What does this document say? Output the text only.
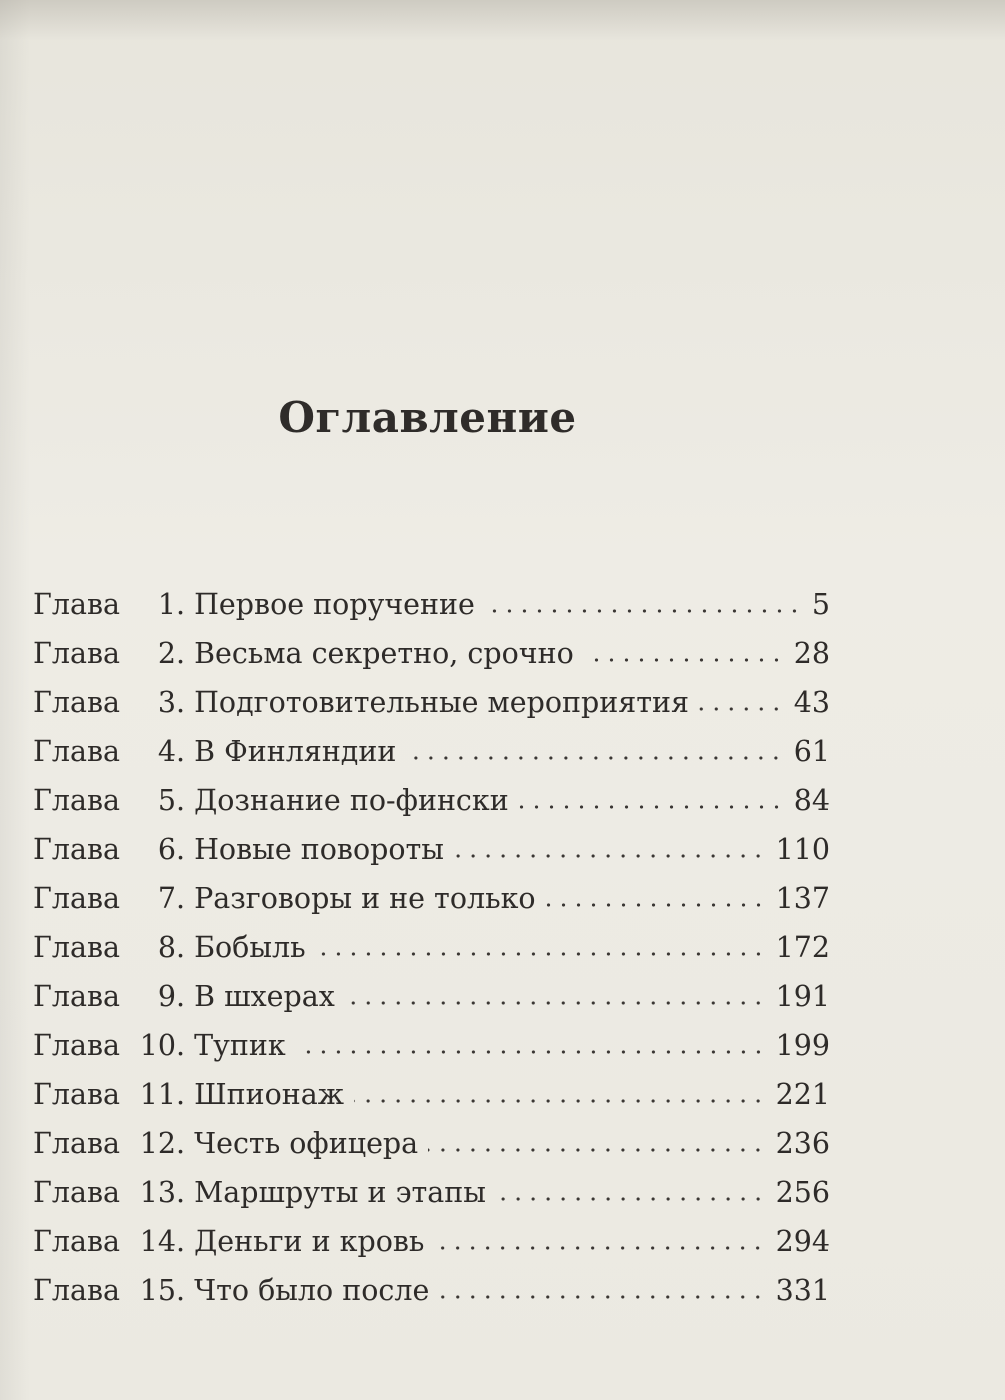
Оглавление
Глава	1 . Первое поручение	5
Глава	2 . Весьма секретно, срочно	28
Глава	3 . Подготовительные мероприятия	43
Глава	4 . В Финляндии	61
Глава	5 . Дознание по-фински	84
Глава	6 . Новые повороты	110
Глава	7 . Разговоры и не только	137
Глава	8 . Бобыль	172
Глава	9 . В шхерах	191
Глава 10 . Тупик	199
Глава 11 . Шпионаж	221
Глава 12 . Честь офицера	236
Глава 13 . Маршруты и этапы	256
Глава 14 . Деньги и кровь	294
Глава 15 . Что было после	331
